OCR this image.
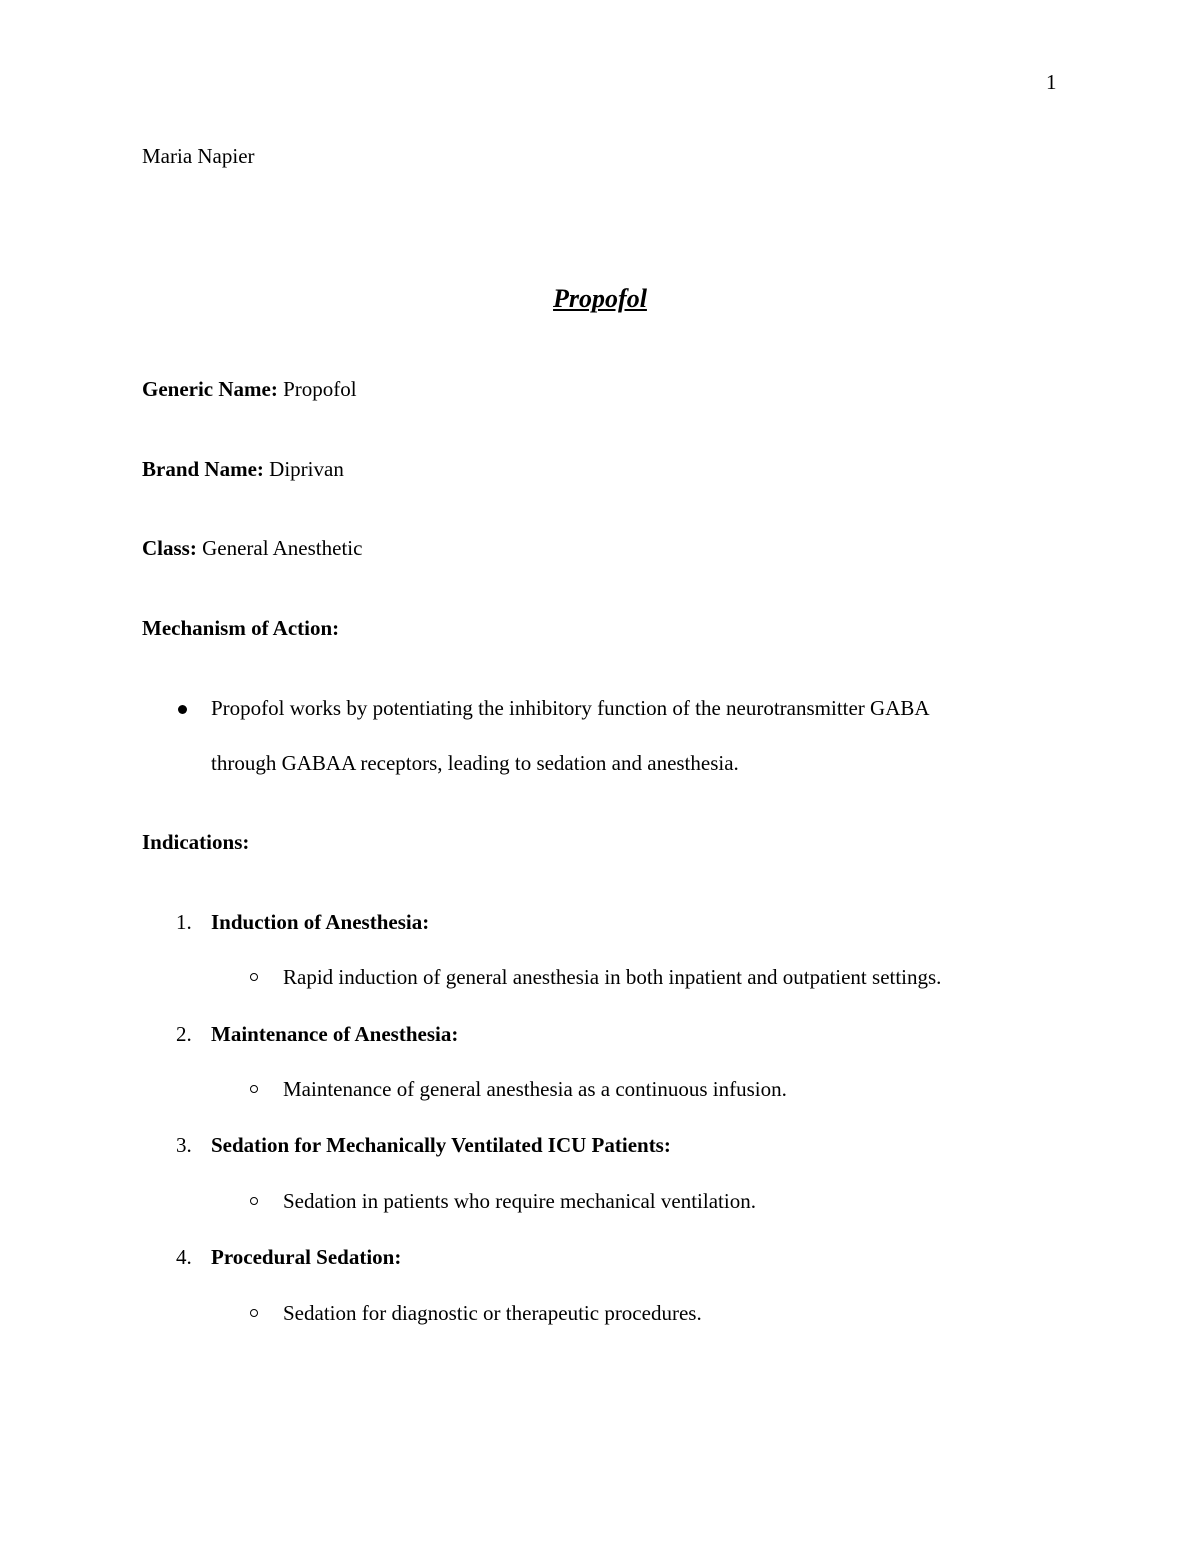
1
Maria Napier
Propofol
Generic Name: Propofol
Brand Name: Diprivan
Class: General Anesthetic
Mechanism of Action:
Propofol works by potentiating the inhibitory function of the neurotransmitter GABA
through GABAA receptors, leading to sedation and anesthesia.
Indications:
1. Induction of Anesthesia:
Rapid induction of general anesthesia in both inpatient and outpatient settings.
2. Maintenance of Anesthesia:
Maintenance of general anesthesia as a continuous infusion.
3. Sedation for Mechanically Ventilated ICU Patients:
Sedation in patients who require mechanical ventilation.
4. Procedural Sedation:
Sedation for diagnostic or therapeutic procedures.
